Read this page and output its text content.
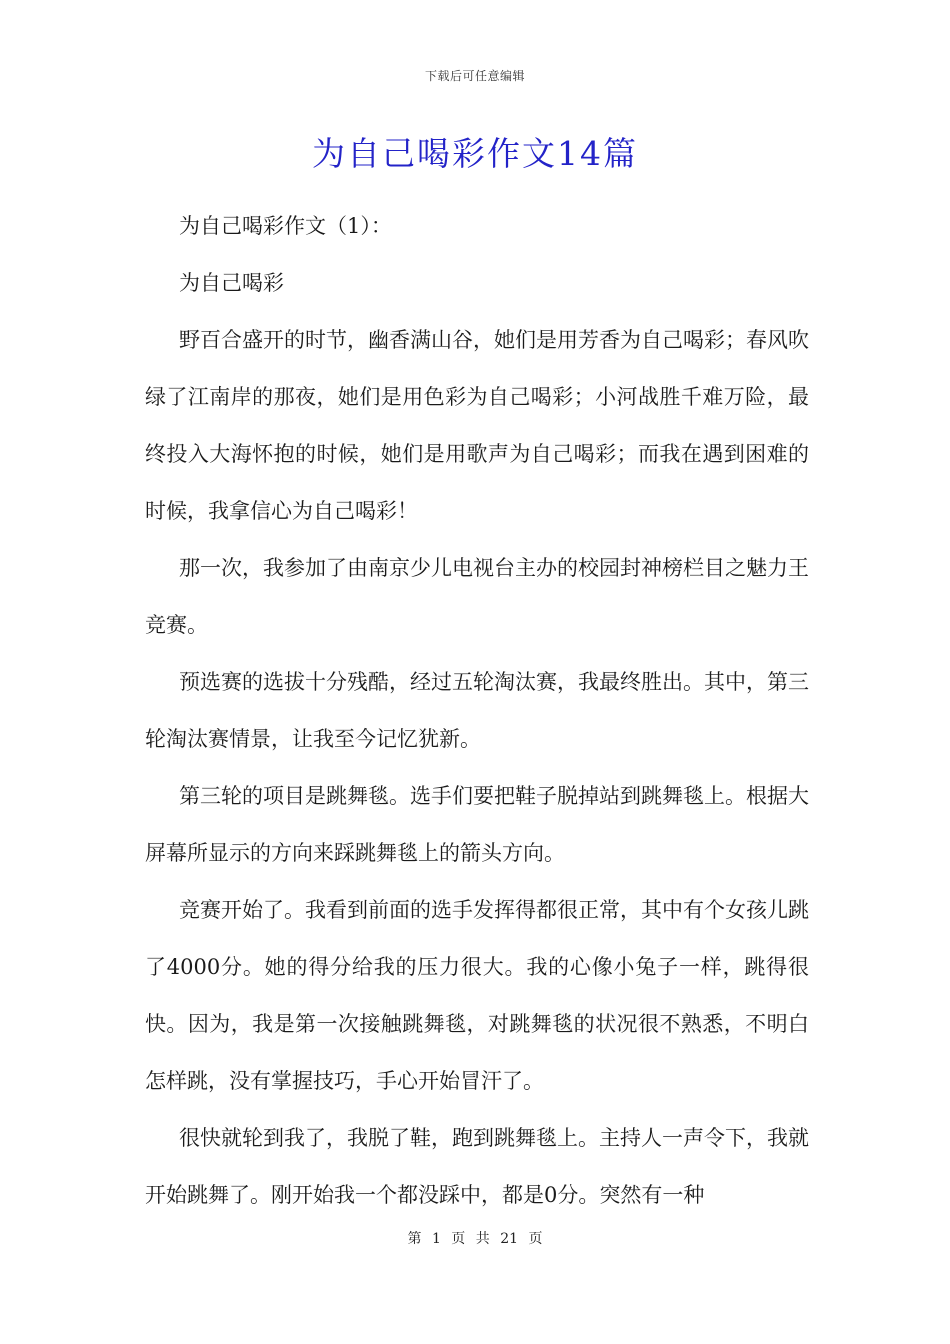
下载后可任意编辑
为自己喝彩作文14篇

为自己喝彩作文（1）：

为自己喝彩

野百合盛开的时节，幽香满山谷，她们是用芳香为自己喝彩；春风吹绿了江南岸的那夜，她们是用色彩为自己喝彩；小河战胜千难万险，最终投入大海怀抱的时候，她们是用歌声为自己喝彩；而我在遇到困难的时候，我拿信心为自己喝彩！

那一次，我参加了由南京少儿电视台主办的校园封神榜栏目之魅力王竞赛。

预选赛的选拔十分残酷，经过五轮淘汰赛，我最终胜出。其中，第三轮淘汰赛情景，让我至今记忆犹新。

第三轮的项目是跳舞毯。选手们要把鞋子脱掉站到跳舞毯上。根据大屏幕所显示的方向来踩跳舞毯上的箭头方向。

竞赛开始了。我看到前面的选手发挥得都很正常，其中有个女孩儿跳了4000分。她的得分给我的压力很大。我的心像小兔子一样，跳得很快。因为，我是第一次接触跳舞毯，对跳舞毯的状况很不熟悉，不明白怎样跳，没有掌握技巧，手心开始冒汗了。

很快就轮到我了，我脱了鞋，跑到跳舞毯上。主持人一声令下，我就开始跳舞了。刚开始我一个都没踩中，都是0分。突然有一种

第 1 页 共 21 页
